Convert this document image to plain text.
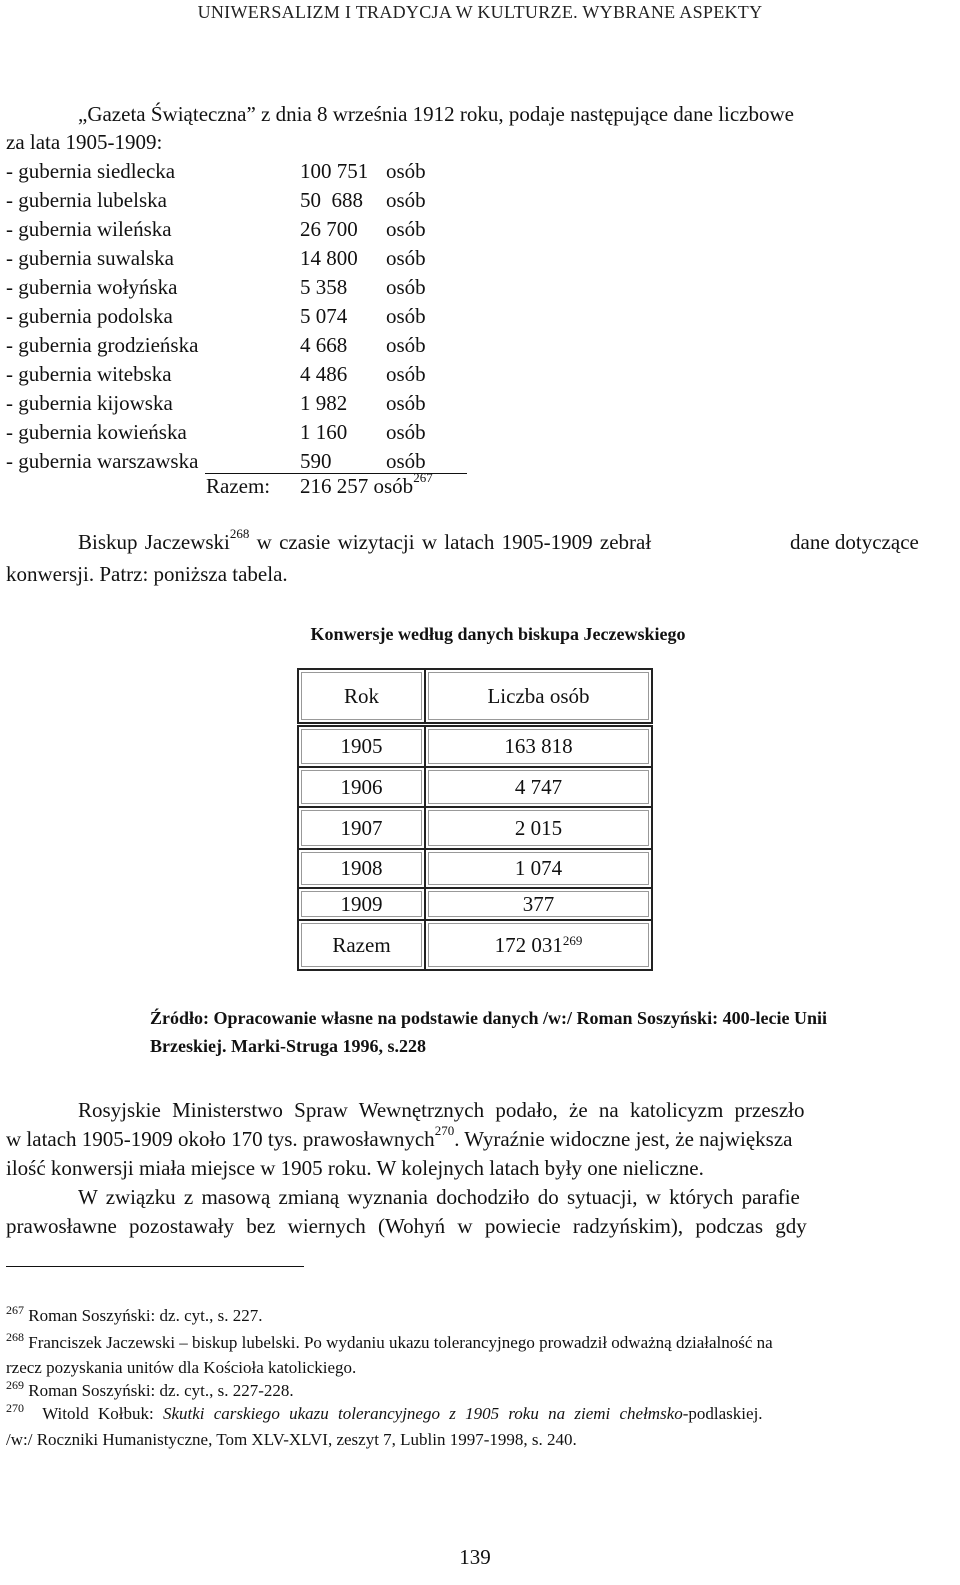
UNIWERSALIZM I TRADYCJA W KULTURZE. WYBRANE ASPEKTY
„Gazeta Świąteczna” z dnia 8 września 1912 roku, podaje następujące dane liczbowe
za lata 1905-1909:
- gubernia siedlecka	100 751 osób
- gubernia lubelska	50  688 osób
- gubernia wileńska	26 700 osób
- gubernia suwalska	14 800 osób
- gubernia wołyńska	5 358 osób
- gubernia podolska	5 074 osób
- gubernia grodzieńska	4 668 osób
- gubernia witebska	4 486 osób
- gubernia kijowska	1 982 osób
- gubernia kowieńska	1 160 osób
- gubernia warszawska	590	osób
Razem: 216 257 osób$^{267}$
Biskup Jaczewski$^{268}$ w czasie wizytacji w latach 1905-1909 zebrał	dane dotyczące
konwersji. Patrz: poniższa tabela.
Konwersje według danych biskupa Jeczewskiego
Rok	Liczba osób
1905	163 818
1906	4 747
1907	2 015
1908	1 074
1909	377
Razem	172 $031^{269}$
Źródło: Opracowanie własne na podstawie danych /w:/ Roman Soszyński: 400-lecie Unii
Brzeskiej. Marki-Struga 1996, s.228
Rosyjskie Ministerstwo Spraw Wewnętrznych podało, że na katolicyzm przeszło
w latach 1905-1909 około 170 tys. prawosławnych$^{270}$. Wyraźnie widoczne jest, że największa
ilość konwersji miała miejsce w 1905 roku. W kolejnych latach były one nieliczne.
W związku z masową zmianą wyznania dochodziło do sytuacji, w których parafie
prawosławne pozostawały bez wiernych (Wohyń w powiecie radzyńskim), podczas gdy
$^{267}$ Roman Soszyński: dz. cyt., s. 227.
$^{268}$ Franciszek Jaczewski – biskup lubelski. Po wydaniu ukazu tolerancyjnego prowadził odważną działalność na
rzecz pozyskania unitów dla Kościoła katolickiego.
$^{269}$ Roman Soszyński: dz. cyt., s. 227-228.
$^{270}$  Witold Kołbuk: Skutki carskiego ukazu tolerancyjnego z 1905 roku na ziemi chełmsko-podlaskiej.
/w:/ Roczniki Humanistyczne, Tom XLV-XLVI, zeszyt 7, Lublin 1997-1998, s. 240.
139
